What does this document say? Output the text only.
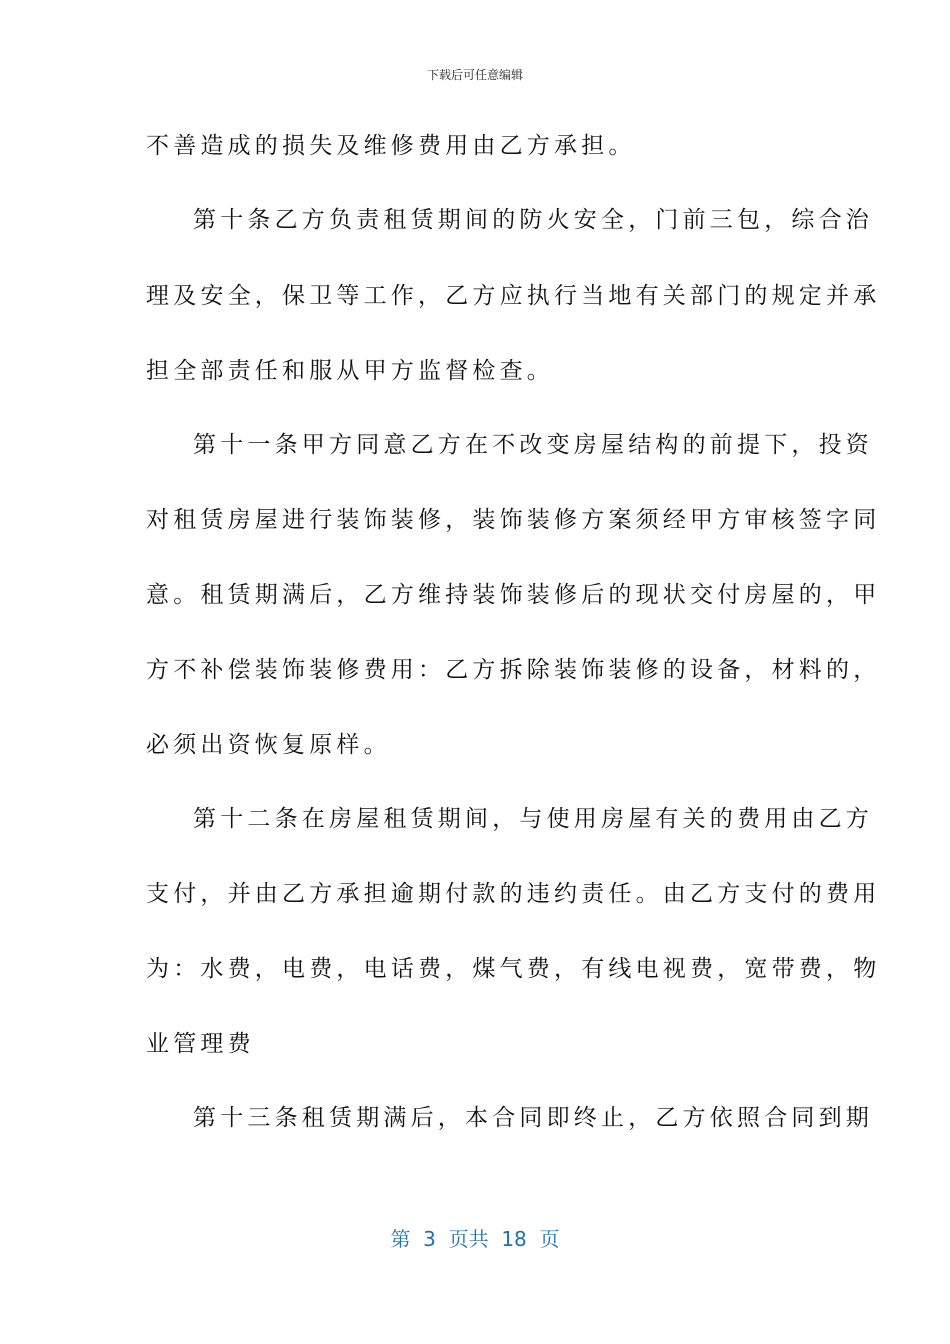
下载后可任意编辑
不善造成的损失及维修费用由乙方承担。
第十条乙方负责租赁期间的防火安全，门前三包，综合治
理及安全，保卫等工作，乙方应执行当地有关部门的规定并承
担全部责任和服从甲方监督检查。
第十一条甲方同意乙方在不改变房屋结构的前提下，投资
对租赁房屋进行装饰装修，装饰装修方案须经甲方审核签字同
意。租赁期满后，乙方维持装饰装修后的现状交付房屋的，甲
方不补偿装饰装修费用：乙方拆除装饰装修的设备，材料的，
必须出资恢复原样。
第十二条在房屋租赁期间，与使用房屋有关的费用由乙方
支付，并由乙方承担逾期付款的违约责任。由乙方支付的费用
为：水费，电费，电话费，煤气费，有线电视费，宽带费，物
业管理费
第十三条租赁期满后，本合同即终止，乙方依照合同到期
第  3  页共  18  页
